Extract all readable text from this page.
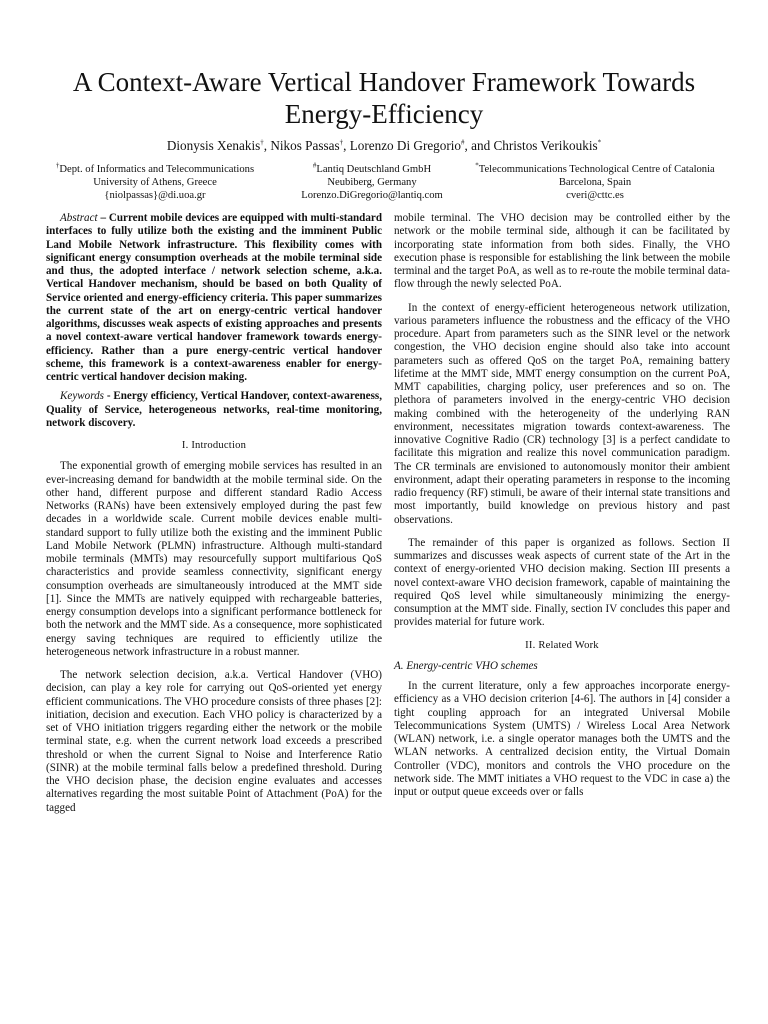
A Context-Aware Vertical Handover Framework Towards Energy-Efficiency
Dionysis Xenakis†, Nikos Passas†, Lorenzo Di Gregorio#, and Christos Verikoukis*
†Dept. of Informatics and Telecommunications
University of Athens, Greece
{niolpassas}@di.uoa.gr
#Lantiq Deutschland GmbH
Neubiberg, Germany
Lorenzo.DiGregorio@lantiq.com
*Telecommunications Technological Centre of Catalonia
Barcelona, Spain
cveri@cttc.es

Abstract – Current mobile devices are equipped with multi-standard interfaces to fully utilize both the existing and the imminent Public Land Mobile Network infrastructure. This flexibility comes with significant energy consumption overheads at the mobile terminal side and thus, the adopted interface / network selection scheme, a.k.a. Vertical Handover mechanism, should be based on both Quality of Service oriented and energy-efficiency criteria. This paper summarizes the current state of the art on energy-centric vertical handover algorithms, discusses weak aspects of existing approaches and presents a novel context-aware vertical handover framework towards energy-efficiency. Rather than a pure energy-centric vertical handover scheme, this framework is a context-awareness enabler for energy-centric vertical handover decision making.

Keywords - Energy efficiency, Vertical Handover, context-awareness, Quality of Service, heterogeneous networks, real-time monitoring, network discovery.

I. Introduction

The exponential growth of emerging mobile services has resulted in an ever-increasing demand for bandwidth at the mobile terminal side. On the other hand, different purpose and different standard Radio Access Networks (RANs) have been extensively employed during the past few decades in a worldwide scale. Current mobile devices enable multi-standard support to fully utilize both the existing and the imminent Public Land Mobile Network (PLMN) infrastructure. Although multi-standard mobile terminals (MMTs) may resourcefully support multifarious QoS characteristics and provide seamless connectivity, significant energy consumption overheads are simultaneously introduced at the MMT side [1]. Since the MMTs are natively equipped with rechargeable batteries, energy consumption develops into a significant performance bottleneck for both the network and the MMT side. As a consequence, more sophisticated energy saving techniques are required to efficiently utilize the heterogeneous network infrastructure in a robust manner.

The network selection decision, a.k.a. Vertical Handover (VHO) decision, can play a key role for carrying out QoS-oriented yet energy efficient communications. The VHO procedure consists of three phases [2]: initiation, decision and execution. Each VHO policy is characterized by a set of VHO initiation triggers regarding either the network or the mobile terminal state, e.g. when the current network load exceeds a prescribed threshold or when the current Signal to Noise and Interference Ratio (SINR) at the mobile terminal falls below a predefined threshold. During the VHO decision phase, the decision engine evaluates and accesses alternatives regarding the most suitable Point of Attachment (PoA) for the tagged

mobile terminal. The VHO decision may be controlled either by the network or the mobile terminal side, although it can be facilitated by incorporating state information from both sides. Finally, the VHO execution phase is responsible for establishing the link between the mobile terminal and the target PoA, as well as to re-route the mobile terminal data-flow through the newly selected PoA.

In the context of energy-efficient heterogeneous network utilization, various parameters influence the robustness and the efficacy of the VHO procedure. Apart from parameters such as the SINR level or the network congestion, the VHO decision engine should also take into account parameters such as offered QoS on the target PoA, remaining battery lifetime at the MMT side, MMT energy consumption on the current PoA, MMT capabilities, charging policy, user preferences and so on. The plethora of parameters involved in the energy-centric VHO decision making combined with the heterogeneity of the underlying RAN environment, necessitates migration towards context-awareness. The innovative Cognitive Radio (CR) technology [3] is a perfect candidate to facilitate this migration and realize this novel communication paradigm. The CR terminals are envisioned to autonomously monitor their ambient environment, adapt their operating parameters in response to the incoming radio frequency (RF) stimuli, be aware of their internal state transitions and most importantly, build knowledge on previous history and past observations.

The remainder of this paper is organized as follows. Section II summarizes and discusses weak aspects of current state of the Art in the context of energy-oriented VHO decision making. Section III presents a novel context-aware VHO decision framework, capable of maintaining the required QoS level while simultaneously minimizing the energy-consumption at the MMT side. Finally, section IV concludes this paper and provides material for future work.

II. Related Work
A. Energy-centric VHO schemes

In the current literature, only a few approaches incorporate energy-efficiency as a VHO decision criterion [4-6]. The authors in [4] consider a tight coupling approach for an integrated Universal Mobile Telecommunications System (UMTS) / Wireless Local Area Network (WLAN) network, i.e. a single operator manages both the UMTS and the WLAN networks. A centralized decision entity, the Virtual Domain Controller (VDC), monitors and controls the VHO procedure on the network side. The MMT initiates a VHO request to the VDC in case a) the input or output queue exceeds over or falls
